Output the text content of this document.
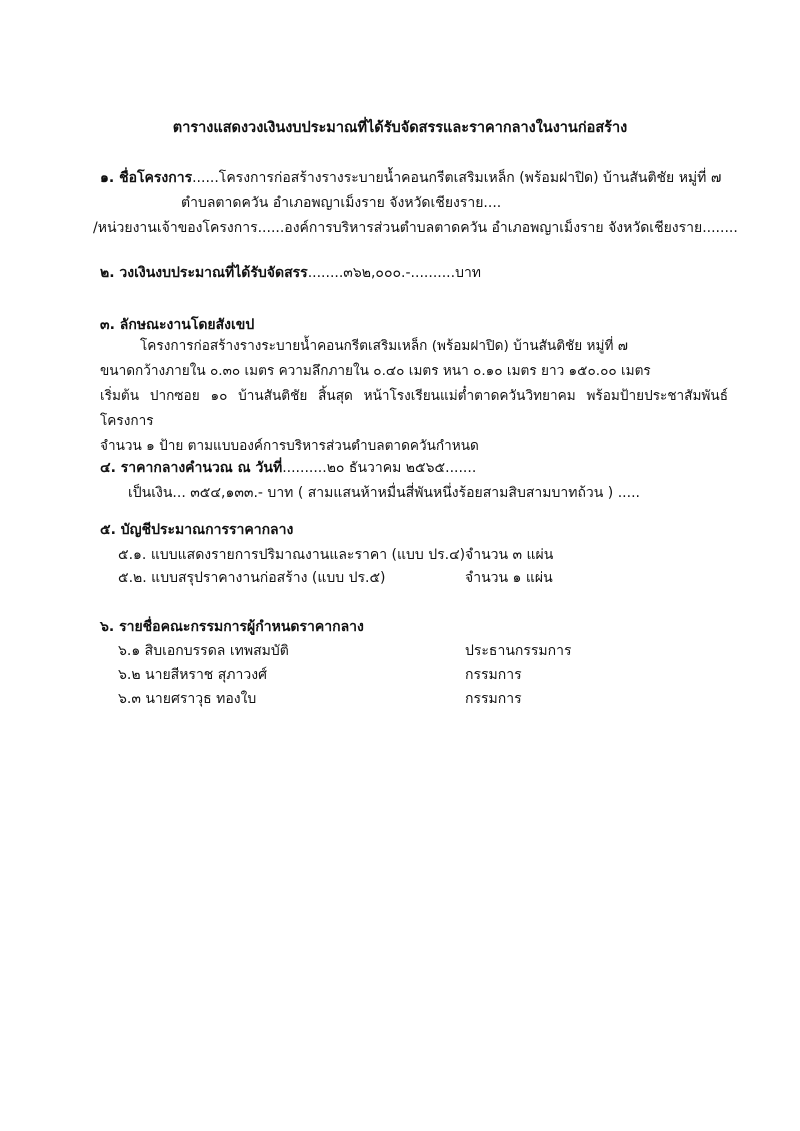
ตารางแสดงวงเงินงบประมาณที่ได้รับจัดสรรและราคากลางในงานก่อสร้าง
๑. ชื่อโครงการ......โครงการก่อสร้างรางระบายน้ำคอนกรีตเสริมเหล็ก (พร้อมฝาปิด) บ้านสันติชัย หมู่ที่ ๗
ตำบลตาดควัน อำเภอพญาเม็งราย จังหวัดเชียงราย....
/หน่วยงานเจ้าของโครงการ......องค์การบริหารส่วนตำบลตาดควัน อำเภอพญาเม็งราย จังหวัดเชียงราย........
๒. วงเงินงบประมาณที่ได้รับจัดสรร........๓๖๒,๐๐๐.-..........บาท
๓. ลักษณะงานโดยสังเขป

โครงการก่อสร้างรางระบายน้ำคอนกรีตเสริมเหล็ก (พร้อมฝาปิด) บ้านสันติชัย หมู่ที่ ๗

ขนาดกว้างภายใน ๐.๓๐ เมตร ความลึกภายใน ๐.๔๐ เมตร หนา ๐.๑๐ เมตร ยาว ๑๕๐.๐๐ เมตร

เริ่มต้น ปากซอย ๑๐ บ้านสันติชัย สิ้นสุด หน้าโรงเรียนแม่ต๋ำตาดควันวิทยาคม พร้อมป้ายประชาสัมพันธ์โครงการ

จำนวน ๑ ป้าย ตามแบบองค์การบริหารส่วนตำบลตาดควันกำหนด

๔. ราคากลางคำนวณ ณ วันที่..........๒๐ ธันวาคม ๒๕๖๕.......
เป็นเงิน... ๓๕๔,๑๓๓.- บาท ( สามแสนห้าหมื่นสี่พันหนึ่งร้อยสามสิบสามบาทถ้วน ) .....
๕. บัญชีประมาณการราคากลาง
๕.๑. แบบแสดงรายการปริมาณงานและราคา (แบบ ปร.๔) จำนวน ๓ แผ่น
๕.๒. แบบสรุปราคางานก่อสร้าง (แบบ ปร.๕)	จำนวน ๑ แผ่น
๖. รายชื่อคณะกรรมการผู้กำหนดราคากลาง
๖.๑ สิบเอกบรรดล เทพสมบัติ	ประธานกรรมการ
๖.๒ นายสีหราช สุภาวงศ์	กรรมการ
๖.๓ นายศราวุธ ทองใบ	กรรมการ
